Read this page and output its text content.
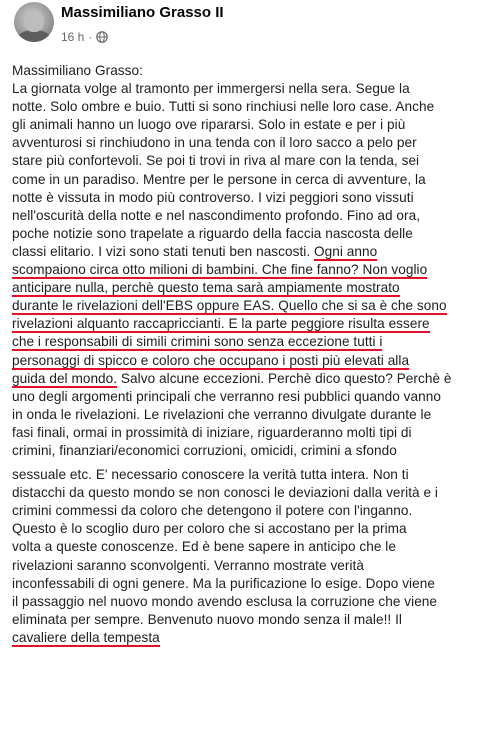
Massimiliano Grasso II
16 h ·
Massimiliano Grasso:
La giornata volge al tramonto per immergersi nella sera. Segue la
notte. Solo ombre e buio. Tutti si sono rinchiusi nelle loro case. Anche
gli animali hanno un luogo ove ripararsi. Solo in estate e per i più
avventurosi si rinchiudono in una tenda con il loro sacco a pelo per
stare più confortevoli. Se poi ti trovi in riva al mare con la tenda, sei
come in un paradiso. Mentre per le persone in cerca di avventure, la
notte è vissuta in modo più controverso. I vizi peggiori sono vissuti
nell'oscurità della notte e nel nascondimento profondo. Fino ad ora,
poche notizie sono trapelate a riguardo della faccia nascosta delle
classi elitario. I vizi sono stati tenuti ben nascosti. Ogni anno
scompaiono circa otto milioni di bambini. Che fine fanno? Non voglio
anticipare nulla, perchè questo tema sarà ampiamente mostrato
durante le rivelazioni dell'EBS oppure EAS. Quello che si sa è che sono
rivelazioni alquanto raccapriccianti. E la parte peggiore risulta essere
che i responsabili di simili crimini sono senza eccezione tutti i
personaggi di spicco e coloro che occupano i posti più elevati alla
guida del mondo. Salvo alcune eccezioni. Perchè dico questo? Perchè è
uno degli argomenti principali che verranno resi pubblici quando vanno
in onda le rivelazioni. Le rivelazioni che verranno divulgate durante le
fasi finali, ormai in prossimità di iniziare, riguarderanno molti tipi di
crimini, finanziari/economici corruzioni, omicidi, crimini a sfondo
sessuale etc. E' necessario conoscere la verità tutta intera. Non ti
distacchi da questo mondo se non conosci le deviazioni dalla verità e i
crimini commessi da coloro che detengono il potere con l'inganno.
Questo è lo scoglio duro per coloro che si accostano per la prima
volta a queste conoscenze. Ed è bene sapere in anticipo che le
rivelazioni saranno sconvolgenti. Verranno mostrate verità
inconfessabili di ogni genere. Ma la purificazione lo esige. Dopo viene
il passaggio nel nuovo mondo avendo esclusa la corruzione che viene
eliminata per sempre. Benvenuto nuovo mondo senza il male!! Il
cavaliere della tempesta
